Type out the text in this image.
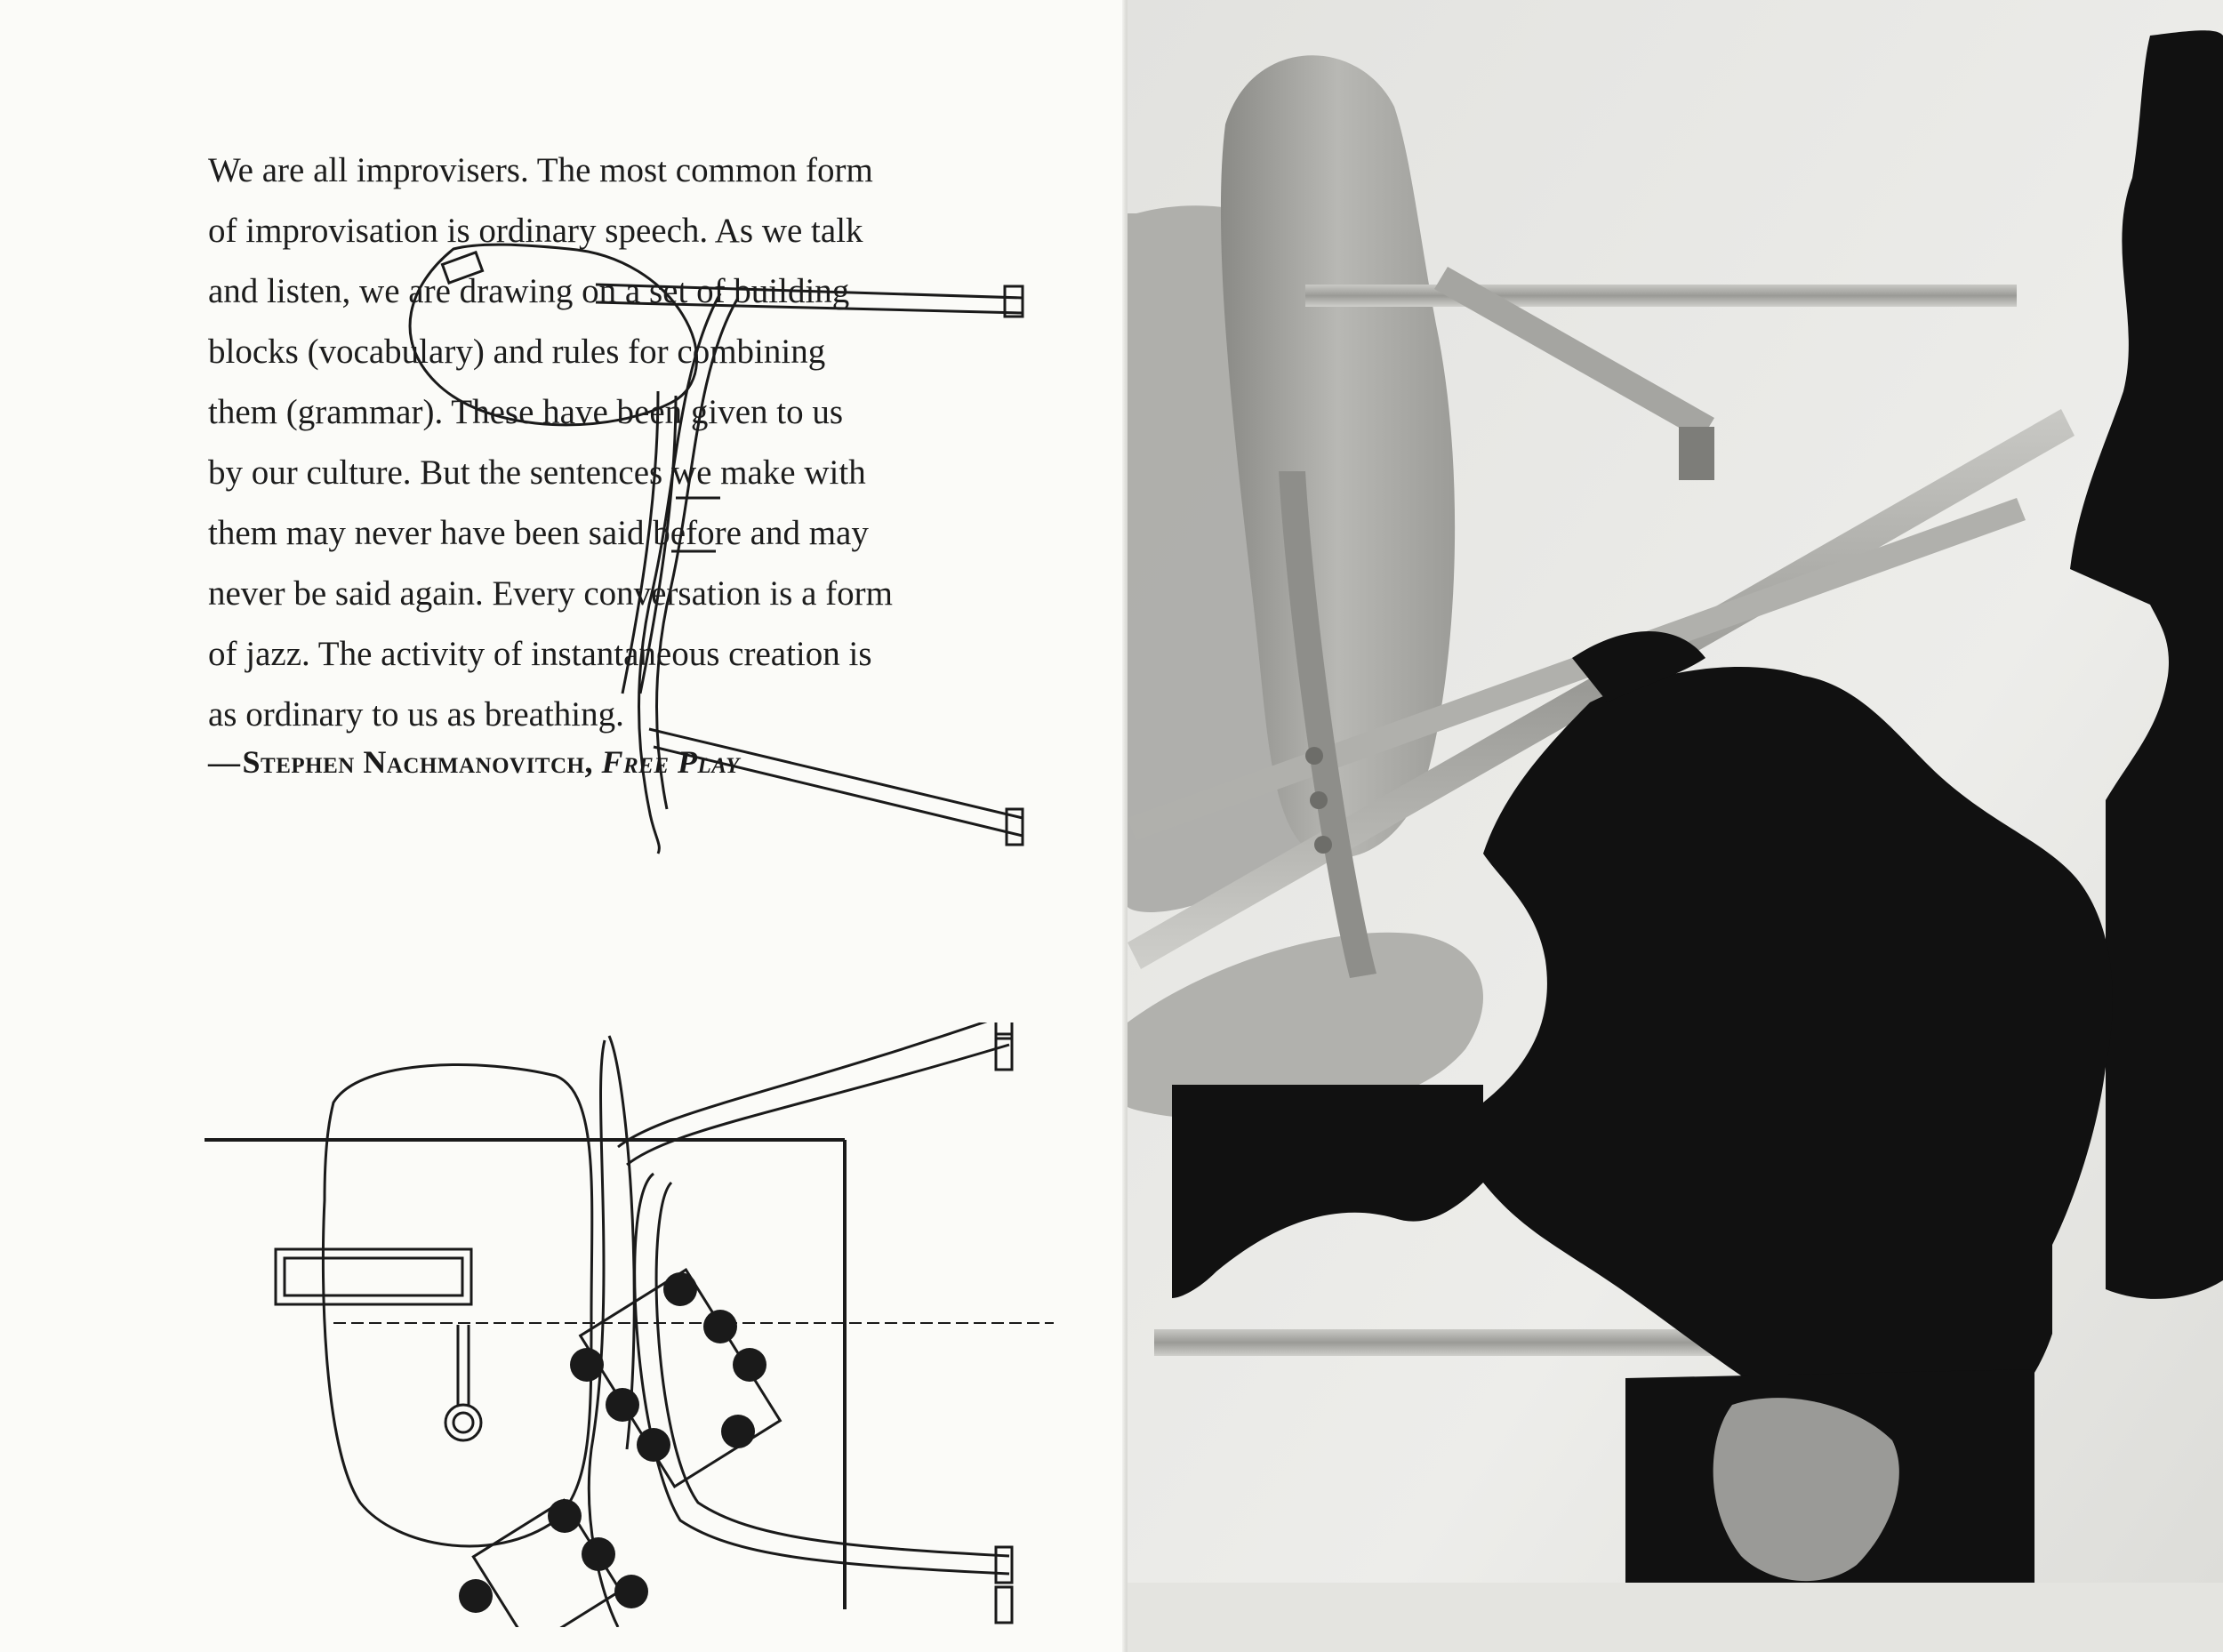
We are all improvisers. The most common form
of improvisation is ordinary speech. As we talk
and listen, we are drawing on a set of building
blocks (vocabulary) and rules for combining
them (grammar). These have been given to us
by our culture. But the sentences we make with
them may never have been said before and may
never be said again. Every conversation is a form
of jazz. The activity of instantaneous creation is
as ordinary to us as breathing.
—Stephen Nachmanovitch, Free Play
